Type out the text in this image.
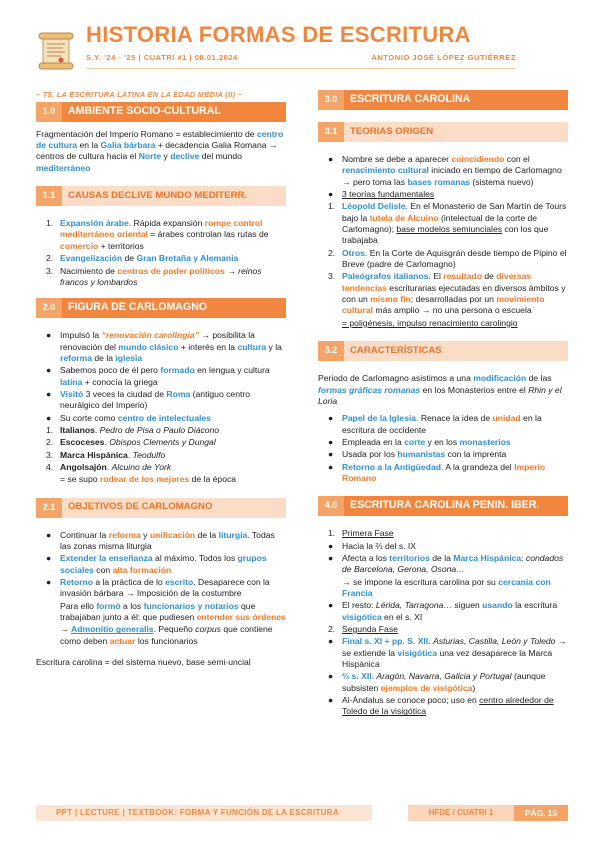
HISTORIA FORMAS DE ESCRITURA
S.Y. '24 - '25 | CUATRI #1 | 08.01.2024	ANTONIO JOSÉ LÓPEZ GUTIÉRREZ
– T5. LA ESCRITURA LATINA EN LA EDAD MEDIA (II) –
1.0	AMBIENTE SOCIO-CULTURAL

Fragmentación del Imperio Romano = establecimiento de centro de cultura en la Galia bárbara + decadencia Galia Romana → centros de cultura hacia el Norte y declive del mundo mediterráneo

1.1	CAUSAS DECLIVE MUNDO MEDITERR.
1. Expansión árabe. Rápida expansión rompe control mediterráneo oriental = árabes controlan las rutas de comercio + territorios
2. Evangelización de Gran Bretaña y Alemania
3. Nacimiento de centros de poder políticos → reinos francos y lombardos
2.0	FIGURA DE CARLOMAGNO
● Impulsó la “renovación carolingia” → posibilita la renovación del mundo clásico + interés en la cultura y la reforma de la iglesia
● Sabemos poco de él pero formado en lengua y cultura latina + conocía la griega
● Visitó 3 veces la ciudad de Roma (antiguo centro neurálgico del Imperio)
● Su corte como centro de intelectuales
1. Italianos. Pedro de Pisa o Paulo Diácono
2. Escoceses. Obispos Clements y Dungal
3. Marca Hispánica. Teodulfo
4. Angolsajón. Alcuino de York
= se supo rodear de los mejores de la época
2.1	OBJETIVOS DE CARLOMAGNO
● Continuar la reforma y unificación de la liturgia. Todas las zonas misma liturgia
● Extender la enseñanza al máximo. Todos los grupos sociales con alta formación
● Retorno a la práctica de lo escrito. Desaparece con la invasión bárbara → Imposición de la costumbre
Para ello formó a los funcionarios y notarios que trabajaban junto a él: que pudiesen entender sus órdenes
→ Admonitio generalis. Pequeño corpus que contiene como deben actuar los funcionarios

Escritura carolina = del sistema nuevo, base semi-uncial

3.0	ESCRITURA CAROLINA
3.1	TEORIAS ORIGEN
● Nombre se debe a aparecer coincidiendo con el renacimiento cultural iniciado en tiempo de Carlomagno → pero toma las bases romanas (sistema nuevo)
● 3 teorías fundamentales
1. Léopold Delisle. En el Monasterio de San Martín de Tours bajo la tutela de Alcuino (intelectual de la corte de Carlomagno); base modelos semiunciales con los que trabajaba
2. Otros. En la Corte de Aquisgrán desde tiempo de Pipino el Breve (padre de Carlomagno)
3. Paleógrafos italianos. El resultado de diversas tendencias escriturarias ejecutadas en diversos ámbitos y con un mismo fin; desarrolladas por un movimiento cultural más amplio → no una persona o escuela
= poligénesis, impulso renacimiento carolingio
3.2	CARACTERÍSTICAS

Periodo de Carlomagno asistimos a una modificación de las formas gráficas romanas en los Monasterios entre el Rhin y el Loria

● Papel de la Iglesia. Renace la idea de unidad en la escritura de occidente
● Empleada en la corte y en los monasterios
● Usada por los humanistas con la imprenta
● Retorno a la Antigüedad. A la grandeza del Imperio Romano
4.0	ESCRITURA CAROLINA PENIN. IBER.
1. Primera Fase
● Hacia la ⅔ del s. IX
● Afecta a los territorios de la Marca Hispánica: condados de Barcelona, Gerona, Osona…
→ se impone la escritura carolina por su cercanía con Francia
● El resto: Lérida, Tarragona… siguen usando la escritura visigótica en el s. XI
2. Segunda Fase
● Final s. XI + pp. S. XII. Asturias, Castilla, León y Toledo → se extiende la visigótica una vez desaparece la Marca Hispánica
● ⅔ s. XII. Aragón, Navarra, Galicia y Portugal (aunque subsisten ejemplos de visigótica)
● Al-Ándalus se conoce poco; uso en centro alrededor de Toledo de la visigótica
PPT | LECTURE | TEXTBOOK: FORMA Y FUNCIÓN DE LA ESCRITURA	HFDE / CUATRI 1	PÁG. 15
